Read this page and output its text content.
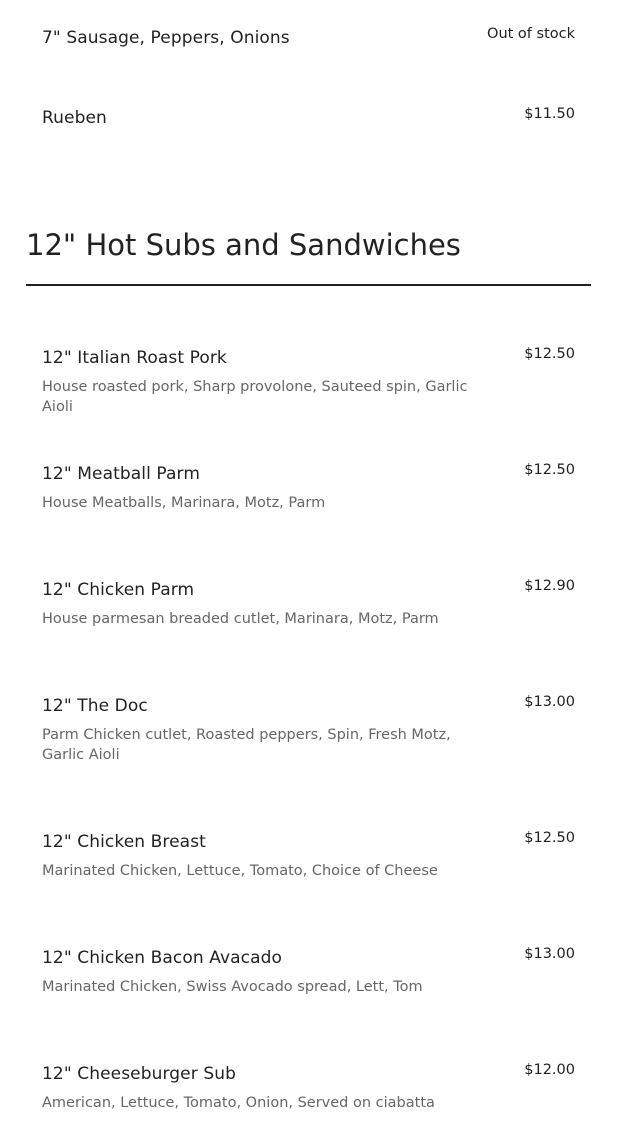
7" Sausage, Peppers, Onions	Out of stock
Rueben	$11.50
12" Hot Subs and Sandwiches
12" Italian Roast Pork	$12.50
House roasted pork, Sharp provolone, Sauteed spin, Garlic Aioli
12" Meatball Parm	$12.50
House Meatballs, Marinara, Motz, Parm
12" Chicken Parm	$12.90
House parmesan breaded cutlet, Marinara, Motz, Parm
12" The Doc	$13.00
Parm Chicken cutlet, Roasted peppers, Spin, Fresh Motz, Garlic Aioli
12" Chicken Breast	$12.50
Marinated Chicken, Lettuce, Tomato, Choice of Cheese
12" Chicken Bacon Avacado	$13.00
Marinated Chicken, Swiss Avocado spread, Lett, Tom
12" Cheeseburger Sub	$12.00
American, Lettuce, Tomato, Onion, Served on ciabatta
